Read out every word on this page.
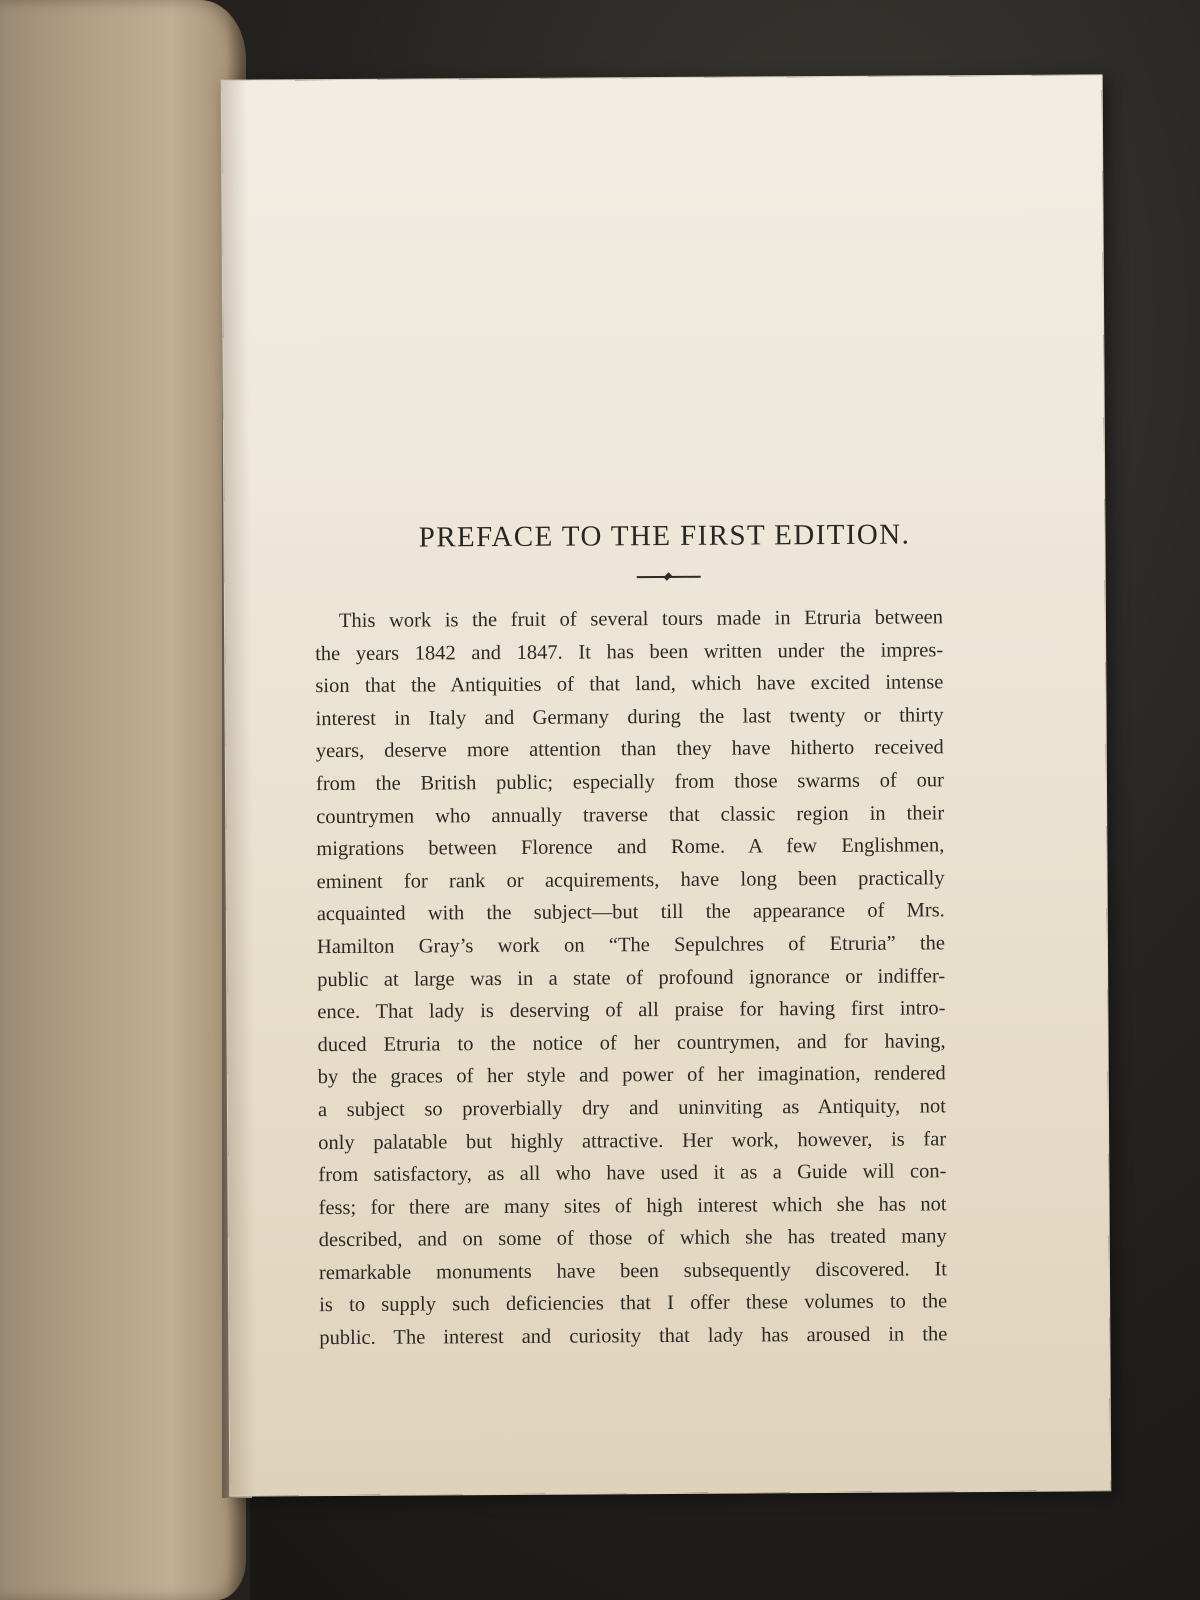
PREFACE TO THE FIRST EDITION.
This work is the fruit of several tours made in Etruria between
the years 1842 and 1847. It has been written under the impres-
sion that the Antiquities of that land, which have excited intense
interest in Italy and Germany during the last twenty or thirty
years, deserve more attention than they have hitherto received
from the British public; especially from those swarms of our
countrymen who annually traverse that classic region in their
migrations between Florence and Rome. A few Englishmen,
eminent for rank or acquirements, have long been practically
acquainted with the subject—but till the appearance of Mrs.
Hamilton Gray’s work on “The Sepulchres of Etruria” the
public at large was in a state of profound ignorance or indiffer-
ence. That lady is deserving of all praise for having first intro-
duced Etruria to the notice of her countrymen, and for having,
by the graces of her style and power of her imagination, rendered
a subject so proverbially dry and uninviting as Antiquity, not
only palatable but highly attractive. Her work, however, is far
from satisfactory, as all who have used it as a Guide will con-
fess; for there are many sites of high interest which she has not
described, and on some of those of which she has treated many
remarkable monuments have been subsequently discovered. It
is to supply such deficiencies that I offer these volumes to the
public. The interest and curiosity that lady has aroused in the
